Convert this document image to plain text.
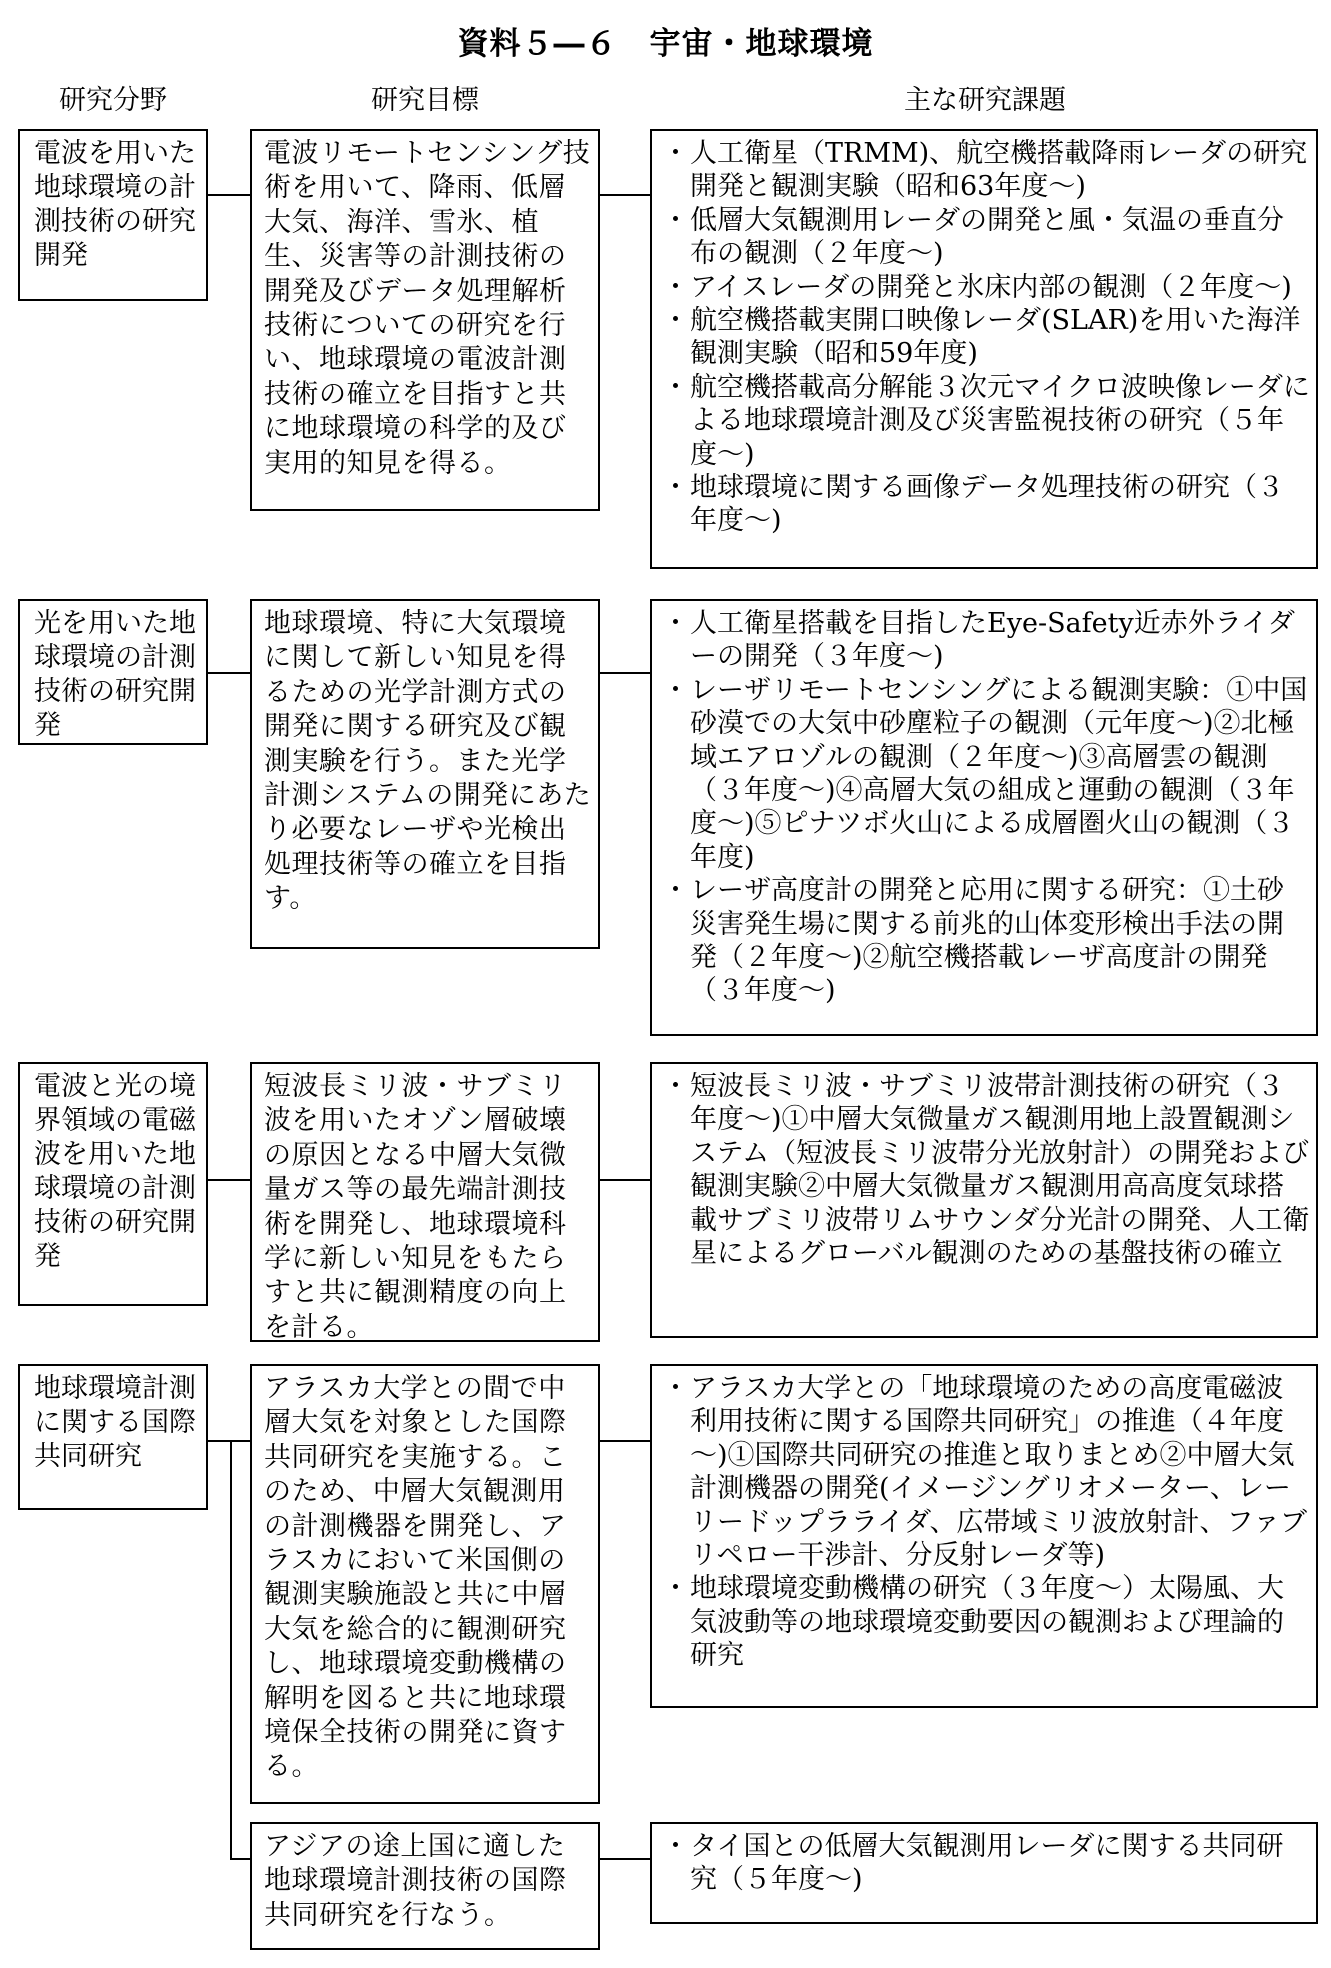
資料５―６　宇宙・地球環境
研究分野	研究目標	主な研究課題
電波を用いた地球環境の計測技術の研究開発
電波リモートセンシング技術を用いて、降雨、低層大気、海洋、雪氷、植生、災害等の計測技術の開発及びデータ処理解析技術についての研究を行い、地球環境の電波計測技術の確立を目指すと共に地球環境の科学的及び実用的知見を得る。
・ 人工衛星（TRMM)、航空機搭載降雨レーダの研究開発と観測実験（昭和63年度～)
・ 低層大気観測用レーダの開発と風・気温の垂直分布の観測（２年度～)
・ アイスレーダの開発と氷床内部の観測（２年度～)
・ 航空機搭載実開口映像レーダ(SLAR)を用いた海洋観測実験（昭和59年度)
・ 航空機搭載高分解能３次元マイクロ波映像レーダによる地球環境計測及び災害監視技術の研究（５年度～)
・ 地球環境に関する画像データ処理技術の研究（３年度～)
光を用いた地球環境の計測技術の研究開発
地球環境、特に大気環境に関して新しい知見を得るための光学計測方式の開発に関する研究及び観測実験を行う。また光学計測システムの開発にあたり必要なレーザや光検出処理技術等の確立を目指す。
・ 人工衛星搭載を目指したEye-Safety近赤外ライダーの開発（３年度～)
・ レーザリモートセンシングによる観測実験：①中国砂漠での大気中砂塵粒子の観測（元年度～)②北極域エアロゾルの観測（２年度～)③高層雲の観測（３年度～)④高層大気の組成と運動の観測（３年度～)⑤ピナツボ火山による成層圏火山の観測（３年度)
・ レーザ高度計の開発と応用に関する研究：①土砂災害発生場に関する前兆的山体変形検出手法の開発（２年度～)②航空機搭載レーザ高度計の開発（３年度～)
電波と光の境界領域の電磁波を用いた地球環境の計測技術の研究開発
短波長ミリ波・サブミリ波を用いたオゾン層破壊の原因となる中層大気微量ガス等の最先端計測技術を開発し、地球環境科学に新しい知見をもたらすと共に観測精度の向上を計る。
・ 短波長ミリ波・サブミリ波帯計測技術の研究（３年度～)①中層大気微量ガス観測用地上設置観測システム（短波長ミリ波帯分光放射計）の開発および観測実験②中層大気微量ガス観測用高高度気球搭載サブミリ波帯リムサウンダ分光計の開発、人工衛星によるグローバル観測のための基盤技術の確立
地球環境計測に関する国際共同研究
アラスカ大学との間で中層大気を対象とした国際共同研究を実施する。このため、中層大気観測用の計測機器を開発し、アラスカにおいて米国側の観測実験施設と共に中層大気を総合的に観測研究し、地球環境変動機構の解明を図ると共に地球環境保全技術の開発に資する。
・ アラスカ大学との「地球環境のための高度電磁波利用技術に関する国際共同研究」の推進（４年度～)①国際共同研究の推進と取りまとめ②中層大気計測機器の開発(イメージングリオメーター、レーリードップラライダ、広帯域ミリ波放射計、ファブリペロー干渉計、分反射レーダ等)
・ 地球環境変動機構の研究（３年度～）太陽風、大気波動等の地球環境変動要因の観測および理論的研究
アジアの途上国に適した地球環境計測技術の国際共同研究を行なう。
・ タイ国との低層大気観測用レーダに関する共同研究（５年度～)
